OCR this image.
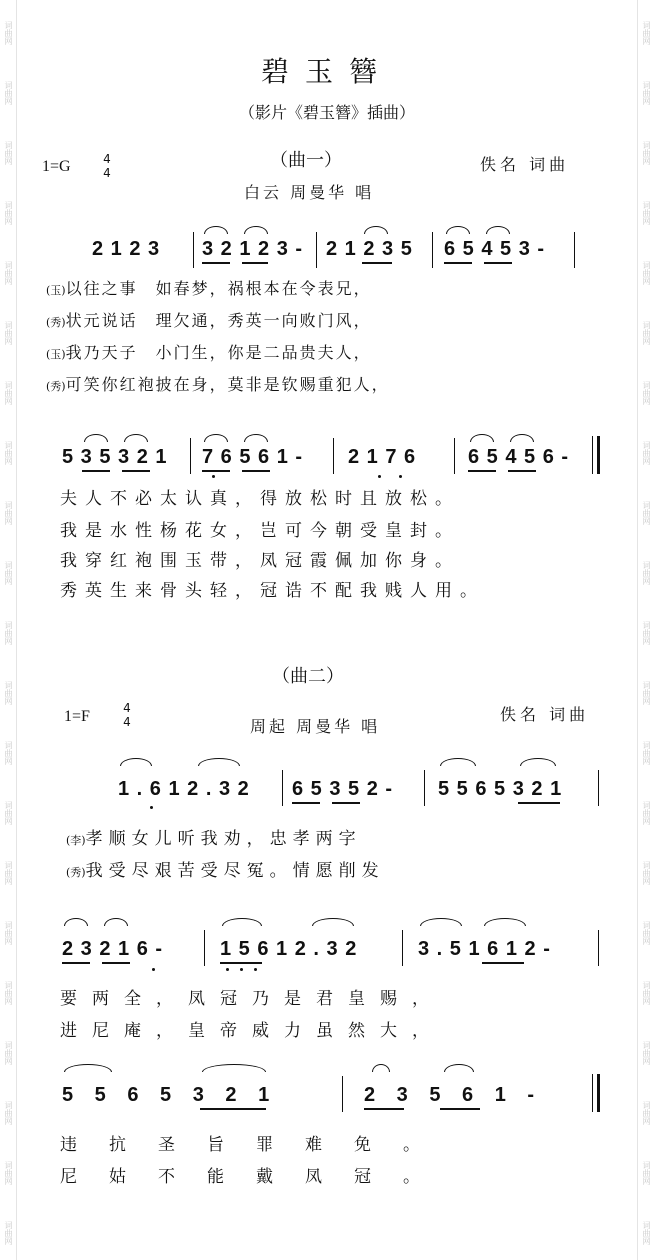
词曲网
词曲网
词曲网
词曲网
词曲网
词曲网
词曲网
词曲网
词曲网
词曲网
词曲网
词曲网
词曲网
词曲网
词曲网
词曲网
词曲网
词曲网
词曲网
词曲网
词曲网
词曲网
词曲网
词曲网
词曲网
词曲网
词曲网
词曲网
词曲网
词曲网
词曲网
词曲网
词曲网
词曲网
词曲网
词曲网
词曲网
词曲网
词曲网
词曲网
词曲网
词曲网
碧玉簪
（影片《碧玉簪》插曲）
1=G	4
4
（曲一）	佚名 词曲
白云 周曼华 唱
2 1 2 3 3 2 1 2 3 - 2 1 2 3 5 6 5 4 5 3 -
(玉)以往之事　如春梦，祸根本在令表兄，
(秀)状元说话　理欠通，秀英一向败门风，
(玉)我乃天子　小门生，你是二品贵夫人，
(秀)可笑你红袍披在身，莫非是钦赐重犯人，
5 3 5 3 2 1 7 6 5 6 1 - 2 1 7 6	6 5 4 5 6 -
夫人不必太认真，得放松时且放松。
我是水性杨花女，岂可今朝受皇封。
我穿红袍围玉带，凤冠霞佩加你身。
秀英生来骨头轻，冠诰不配我贱人用。
（曲二）
1=F	4
4	周起 周曼华 唱
佚名 词曲
1 . 6 1 2 . 3 2 6 5 3 5 2 - 5 5 6 5 3 2 1
(李)孝顺女儿听我劝，忠孝两字
(秀)我受尽艰苦受尽冤。情愿削发
2 3 2 1 6 -	1 5 6 1 2 . 3 2	3 . 5 1 6 1 2 -
要两全，凤冠乃是君皇赐，
进尼庵，皇帝威力虽然大，
5 5 6 5 3 2 1	2 3 5 6 1 -
违抗圣旨罪难免。
尼姑不能戴凤冠。
